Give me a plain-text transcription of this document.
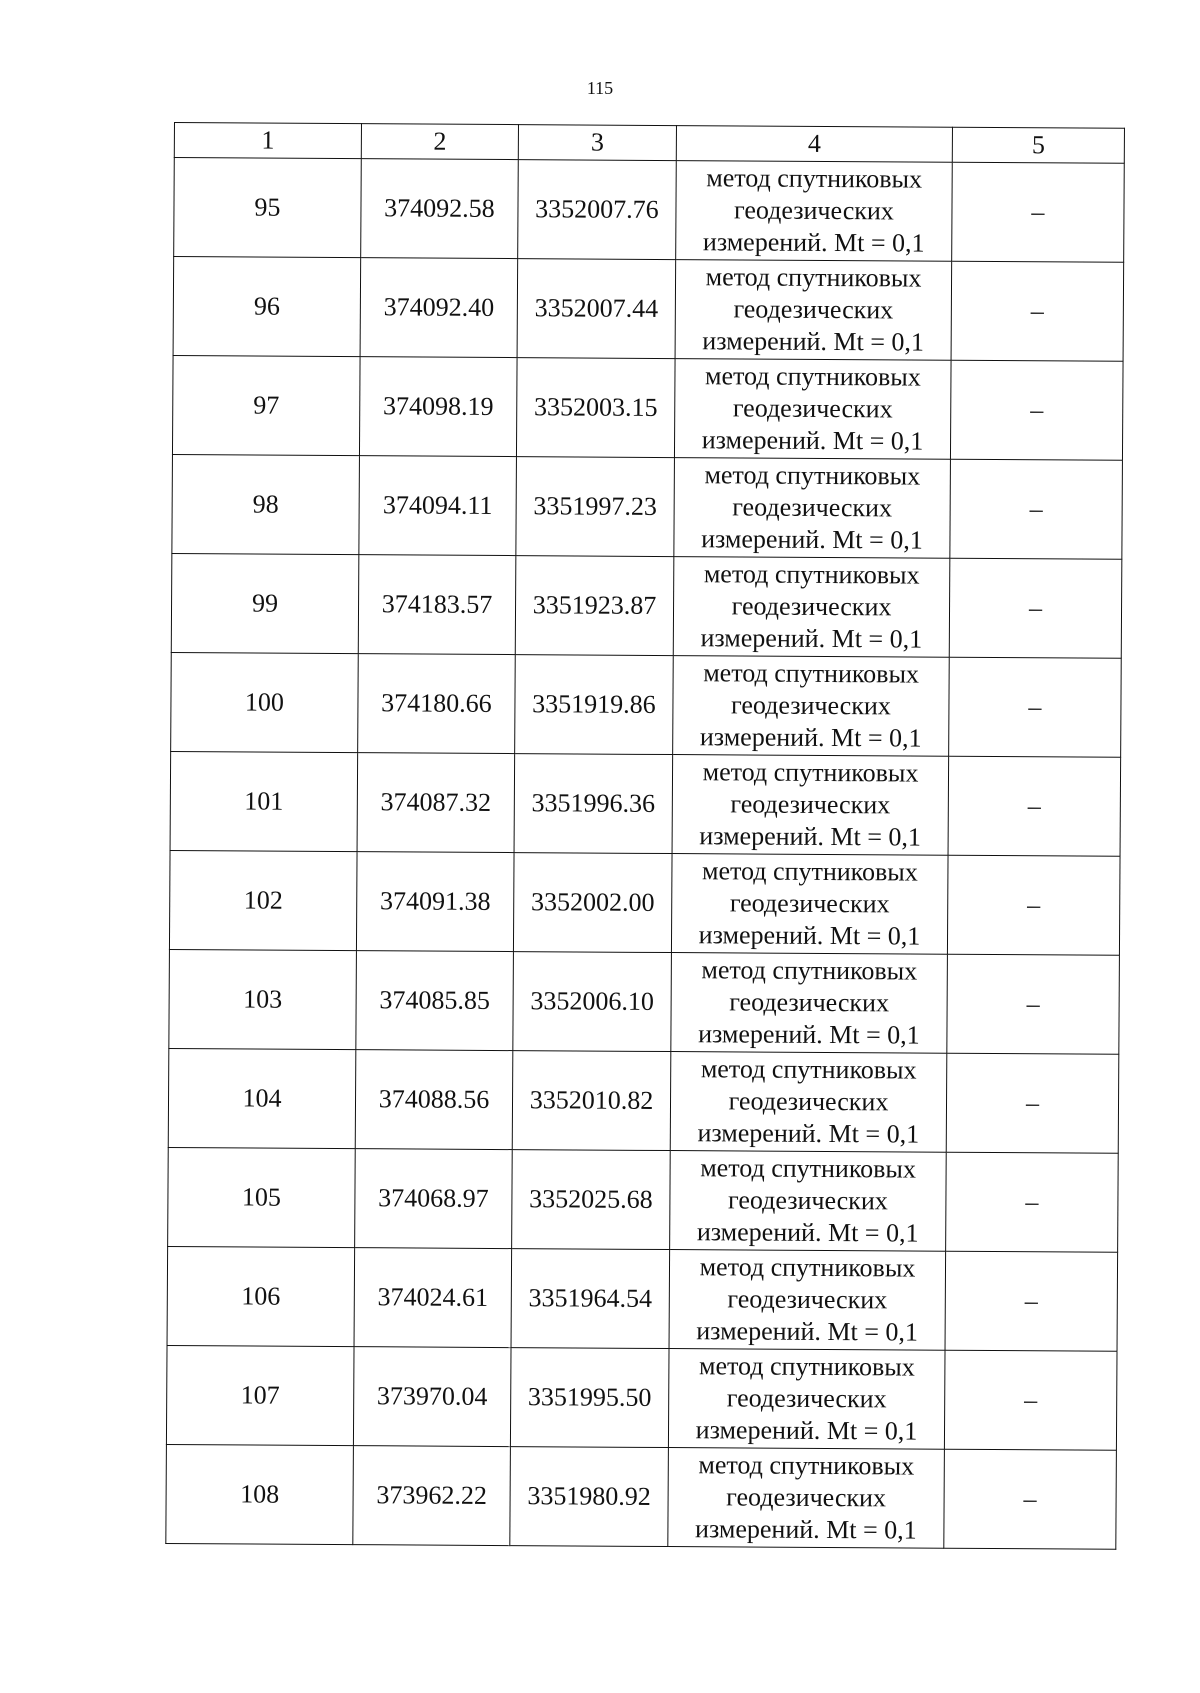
115
1	2	3	4	5
95	374092.58	3352007.76	метод спутниковых
геодезических
измерений. Mt = 0,1	–
96	374092.40	3352007.44	метод спутниковых
геодезических
измерений. Mt = 0,1	–
97	374098.19	3352003.15	метод спутниковых
геодезических
измерений. Mt = 0,1	–
98	374094.11	3351997.23	метод спутниковых
геодезических
измерений. Mt = 0,1	–
99	374183.57	3351923.87	метод спутниковых
геодезических
измерений. Mt = 0,1	–
100	374180.66	3351919.86	метод спутниковых
геодезических
измерений. Mt = 0,1	–
101	374087.32	3351996.36	метод спутниковых
геодезических
измерений. Mt = 0,1	–
102	374091.38	3352002.00	метод спутниковых
геодезических
измерений. Mt = 0,1	–
103	374085.85	3352006.10	метод спутниковых
геодезических
измерений. Mt = 0,1	–
104	374088.56	3352010.82	метод спутниковых
геодезических
измерений. Mt = 0,1	–
105	374068.97	3352025.68	метод спутниковых
геодезических
измерений. Mt = 0,1	–
106	374024.61	3351964.54	метод спутниковых
геодезических
измерений. Mt = 0,1	–
107	373970.04	3351995.50	метод спутниковых
геодезических
измерений. Mt = 0,1	–
108	373962.22	3351980.92	метод спутниковых
геодезических
измерений. Mt = 0,1	–
